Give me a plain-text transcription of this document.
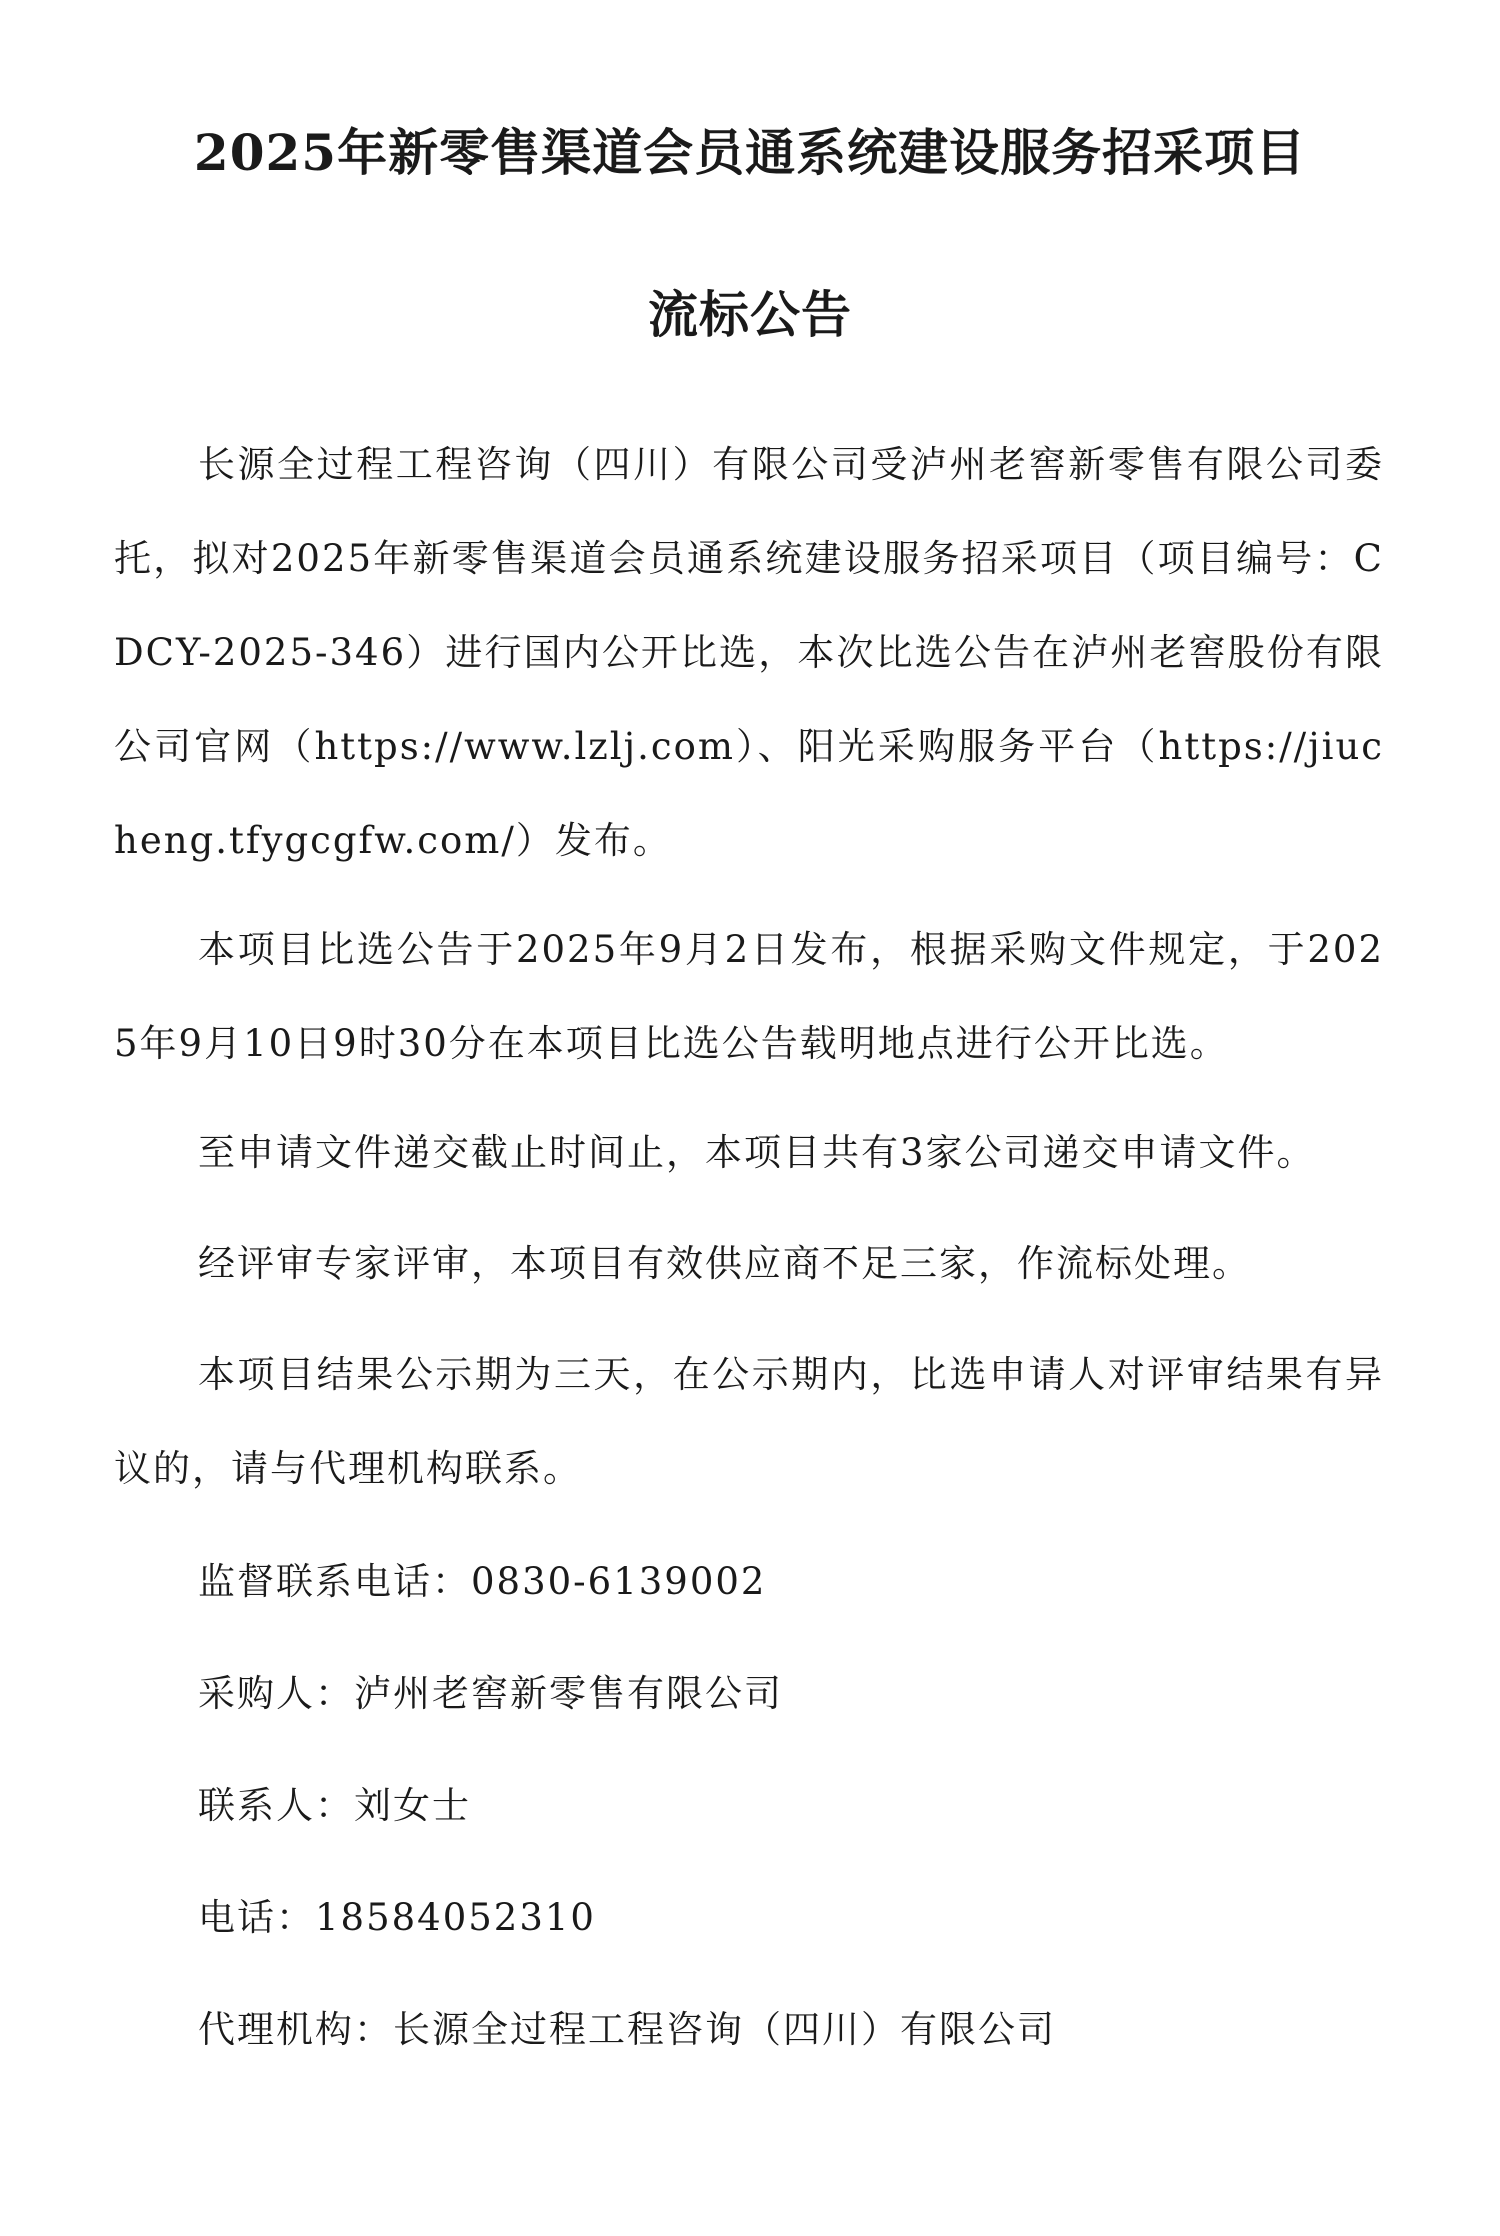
2025年新零售渠道会员通系统建设服务招采项目
流标公告

长源全过程工程咨询（四川）有限公司受泸州老窖新零售有限公司委托，拟对2025年新零售渠道会员通系统建设服务招采项目（项目编号：CDCY-2025-346）进行国内公开比选，本次比选公告在泸州老窖股份有限公司官网（https://www.lzlj.com）、阳光采购服务平台（https://jiucheng.tfygcgfw.com/）发布。

本项目比选公告于2025年9月2日发布，根据采购文件规定，于2025年9月10日9时30分在本项目比选公告载明地点进行公开比选。

至申请文件递交截止时间止，本项目共有3家公司递交申请文件。

经评审专家评审，本项目有效供应商不足三家，作流标处理。

本项目结果公示期为三天，在公示期内，比选申请人对评审结果有异议的，请与代理机构联系。

监督联系电话：0830-6139002
采购人：泸州老窖新零售有限公司
联系人：刘女士
电话：18584052310
代理机构：长源全过程工程咨询（四川）有限公司
